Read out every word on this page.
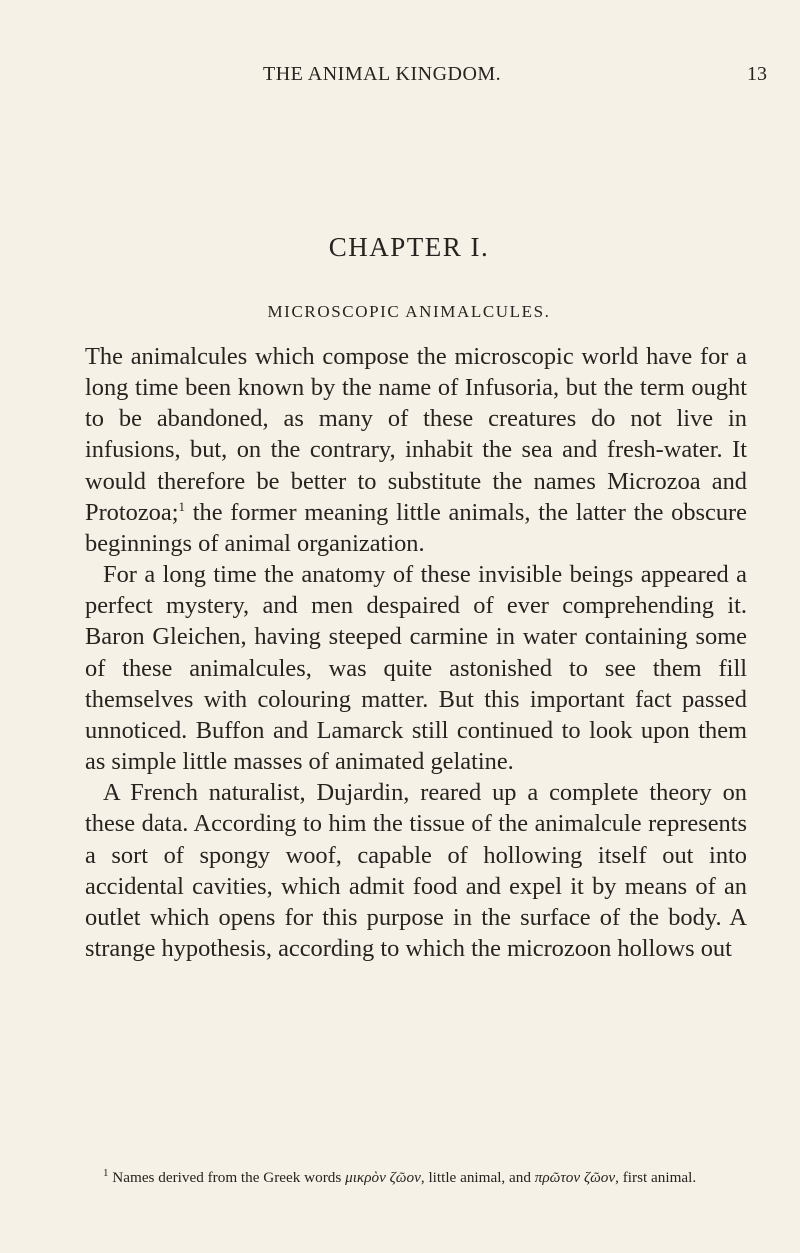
THE ANIMAL KINGDOM.	13
CHAPTER I.
MICROSCOPIC ANIMALCULES.

The animalcules which compose the microscopic world have for a long time been known by the name of Infusoria, but the term ought to be abandoned, as many of these creatures do not live in infusions, but, on the contrary, inhabit the sea and fresh-water. It would therefore be better to substitute the names Microzoa and Protozoa;$^1$ the former meaning little animals, the latter the obscure beginnings of animal organization.

For a long time the anatomy of these invisible beings appeared a perfect mystery, and men despaired of ever comprehending it. Baron Gleichen, having steeped carmine in water containing some of these animalcules, was quite astonished to see them fill themselves with colouring matter. But this important fact passed unnoticed. Buffon and Lamarck still continued to look upon them as simple little masses of animated gelatine.

A French naturalist, Dujardin, reared up a complete theory on these data. According to him the tissue of the animalcule represents a sort of spongy woof, capable of hollowing itself out into accidental cavities, which admit food and expel it by means of an outlet which opens for this purpose in the surface of the body. A strange hypothesis, according to which the microzoon hollows out

$^1$ Names derived from the Greek words μικρὸν ζῶον, little animal, and πρῶτον ζῶον, first animal.
